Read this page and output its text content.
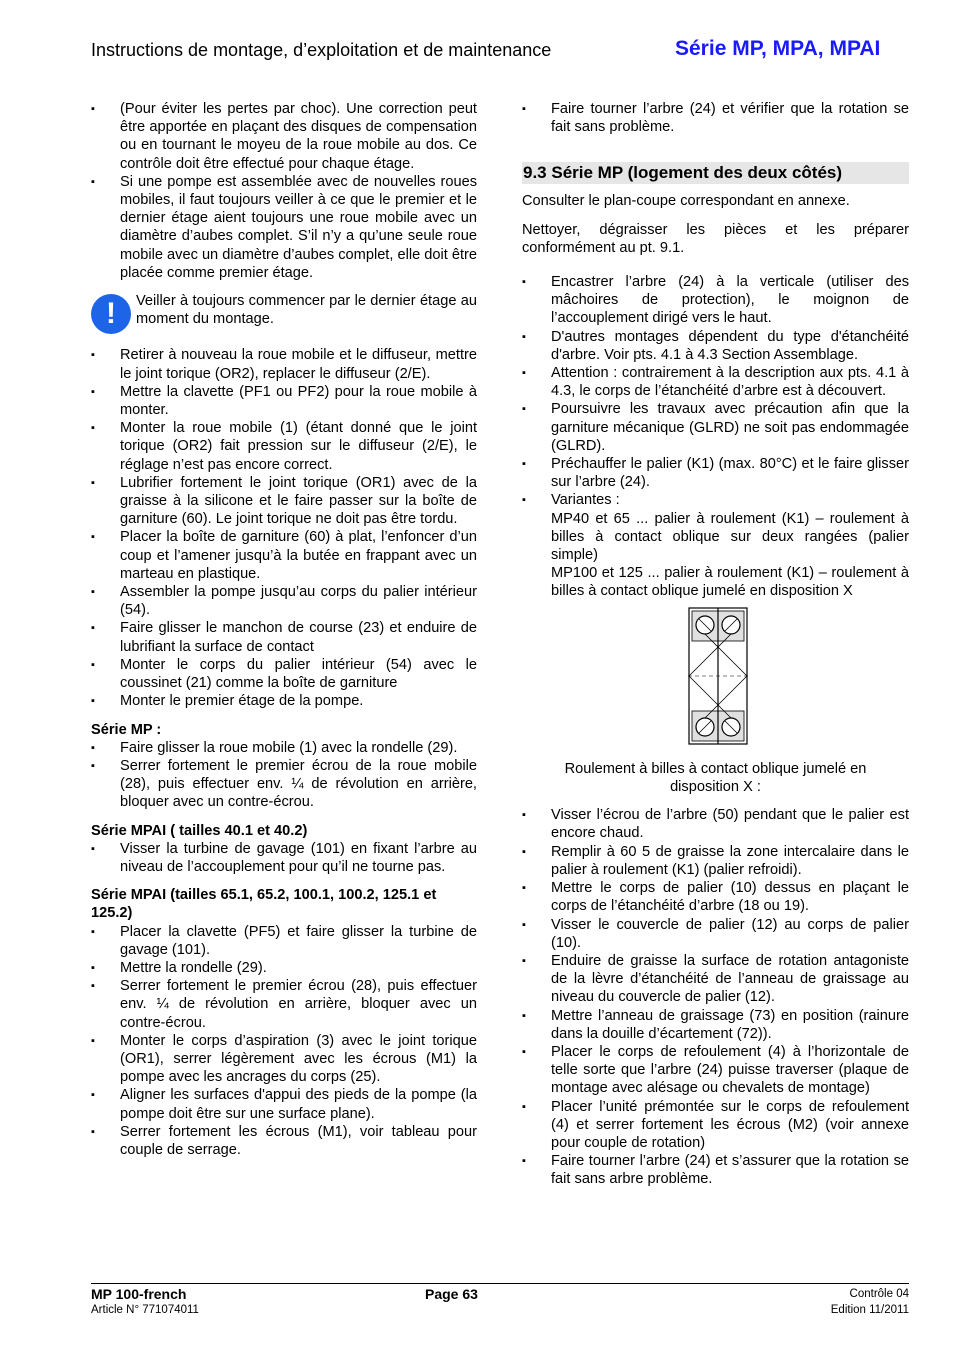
Instructions de montage, d’exploitation et de maintenance	Série MP, MPA, MPAI
▪ (Pour éviter les pertes par choc). Une correction peut être apportée en plaçant des disques de compensation ou en tournant le moyeu de la roue mobile au dos. Ce contrôle doit être effectué pour chaque étage.
▪ Si une pompe est assemblée avec de nouvelles roues mobiles, il faut toujours veiller à ce que le premier et le dernier étage aient toujours une roue mobile avec un diamètre d’aubes complet. S’il n’y a qu’une seule roue mobile avec un diamètre d’aubes complet, elle doit être placée comme premier étage.
!	Veiller à toujours commencer par le dernier étage au moment du montage.
▪ Retirer à nouveau la roue mobile et le diffuseur, mettre le joint torique (OR2), replacer le diffuseur (2/E).
▪ Mettre la clavette (PF1 ou PF2) pour la roue mobile à monter.
▪ Monter la roue mobile (1) (étant donné que le joint torique (OR2) fait pression sur le diffuseur (2/E), le réglage n’est pas encore correct.
▪ Lubrifier fortement le joint torique (OR1) avec de la graisse à la silicone et le faire passer sur la boîte de garniture (60). Le joint torique ne doit pas être tordu.
▪ Placer la boîte de garniture (60) à plat, l’enfoncer d’un coup et l’amener jusqu’à la butée en frappant avec un marteau en plastique.
▪ Assembler la pompe jusqu’au corps du palier intérieur (54).
▪ Faire glisser le manchon de course (23) et enduire de lubrifiant la surface de contact
▪ Monter le corps du palier intérieur (54) avec le coussinet (21) comme la boîte de garniture
▪ Monter le premier étage de la pompe.
Série MP :
▪ Faire glisser la roue mobile (1) avec la rondelle (29).
▪ Serrer fortement le premier écrou de la roue mobile (28), puis effectuer env. ¼ de révolution en arrière, bloquer avec un contre-écrou.
Série MPAI ( tailles 40.1 et 40.2)
▪ Visser la turbine de gavage (101) en fixant l’arbre au niveau de l’accouplement pour qu’il ne tourne pas.
Série MPAI (tailles 65.1, 65.2, 100.1, 100.2, 125.1 et 125.2)
▪ Placer la clavette (PF5) et faire glisser la turbine de gavage (101).
▪ Mettre la rondelle (29).
▪ Serrer fortement le premier écrou (28), puis effectuer env. ¼ de révolution en arrière, bloquer avec un contre-écrou.
▪ Monter le corps d’aspiration (3) avec le joint torique (OR1), serrer légèrement avec les écrous (M1) la pompe avec les ancrages du corps (25).
▪ Aligner les surfaces d'appui des pieds de la pompe (la pompe doit être sur une surface plane).
▪ Serrer fortement les écrous (M1), voir tableau pour couple de serrage.
▪ Faire tourner l’arbre (24) et vérifier que la rotation se fait sans problème.
9.3 Série MP (logement des deux côtés)

Consulter le plan-coupe correspondant en annexe.

Nettoyer, dégraisser les pièces et les préparer conformément au pt. 9.1.

▪ Encastrer l’arbre (24) à la verticale (utiliser des mâchoires de protection), le moignon de l’accouplement dirigé vers le haut.
▪ D'autres montages dépendent du type d'étanchéité d'arbre. Voir pts. 4.1 à 4.3 Section Assemblage.
▪ Attention : contrairement à la description aux pts. 4.1 à 4.3, le corps de l’étanchéité d’arbre est à découvert.
▪ Poursuivre les travaux avec précaution afin que la garniture mécanique (GLRD) ne soit pas endommagée (GLRD).
▪ Préchauffer le palier (K1) (max. 80°C) et le faire glisser sur l’arbre (24).
▪ Variantes :
MP40 et 65 ... palier à roulement (K1) – roulement à billes à contact oblique sur deux rangées (palier simple)
MP100 et 125 ... palier à roulement (K1) – roulement à billes à contact oblique jumelé en disposition X
Roulement à billes à contact oblique jumelé en
disposition X :
▪ Visser l’écrou de l’arbre (50) pendant que le palier est encore chaud.
▪ Remplir à 60 5 de graisse la zone intercalaire dans le palier à roulement (K1) (palier refroidi).
▪ Mettre le corps de palier (10) dessus en plaçant le corps de l’étanchéité d’arbre (18 ou 19).
▪ Visser le couvercle de palier (12) au corps de palier (10).
▪ Enduire de graisse la surface de rotation antagoniste de la lèvre d’étanchéité de l’anneau de graissage au niveau du couvercle de palier (12).
▪ Mettre l’anneau de graissage (73) en position (rainure dans la douille d’écartement (72)).
▪ Placer le corps de refoulement (4) à l’horizontale de telle sorte que l’arbre (24) puisse traverser (plaque de montage avec alésage ou chevalets de montage)
▪ Placer l’unité prémontée sur le corps de refoulement (4) et serrer fortement les écrous (M2) (voir annexe pour couple de rotation)
▪ Faire tourner l’arbre (24) et s’assurer que la rotation se fait sans arbre problème.
MP 100-french
Article N° 771074011
Page 63	Contrôle 04
Edition 11/2011
